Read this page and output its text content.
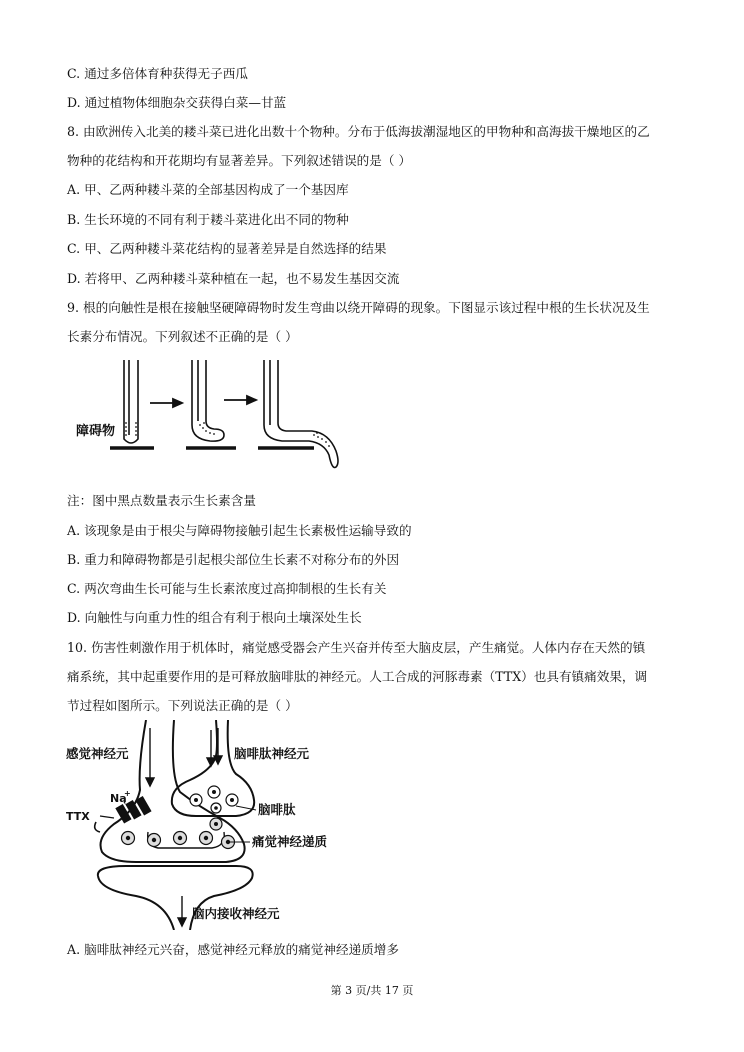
C. 通过多倍体育种获得无子西瓜
D. 通过植物体细胞杂交获得白菜—甘蓝
8. 由欧洲传入北美的耧斗菜已进化出数十个物种。分布于低海拔潮湿地区的甲物种和高海拔干燥地区的乙
物种的花结构和开花期均有显著差异。下列叙述错误的是（ ）
A. 甲、乙两种耧斗菜的全部基因构成了一个基因库
B. 生长环境的不同有利于耧斗菜进化出不同的物种
C. 甲、乙两种耧斗菜花结构的显著差异是自然选择的结果
D. 若将甲、乙两种耧斗菜种植在一起，也不易发生基因交流
9. 根的向触性是根在接触坚硬障碍物时发生弯曲以绕开障碍的现象。下图显示该过程中根的生长状况及生
长素分布情况。下列叙述不正确的是（ ）
障碍物
注：图中黑点数量表示生长素含量
A. 该现象是由于根尖与障碍物接触引起生长素极性运输导致的
B. 重力和障碍物都是引起根尖部位生长素不对称分布的外因
C. 两次弯曲生长可能与生长素浓度过高抑制根的生长有关
D. 向触性与向重力性的组合有利于根向土壤深处生长
10. 伤害性刺激作用于机体时，痛觉感受器会产生兴奋并传至大脑皮层，产生痛觉。人体内存在天然的镇
痛系统，其中起重要作用的是可释放脑啡肽的神经元。人工合成的河豚毒素（TTX）也具有镇痛效果，调
节过程如图所示。下列说法正确的是（ ）
感觉神经元	脑啡肽神经元
TTX
Na
+
脑啡肽
痛觉神经递质
脑内接收神经元
A. 脑啡肽神经元兴奋，感觉神经元释放的痛觉神经递质增多
第 3 页/共 17 页
